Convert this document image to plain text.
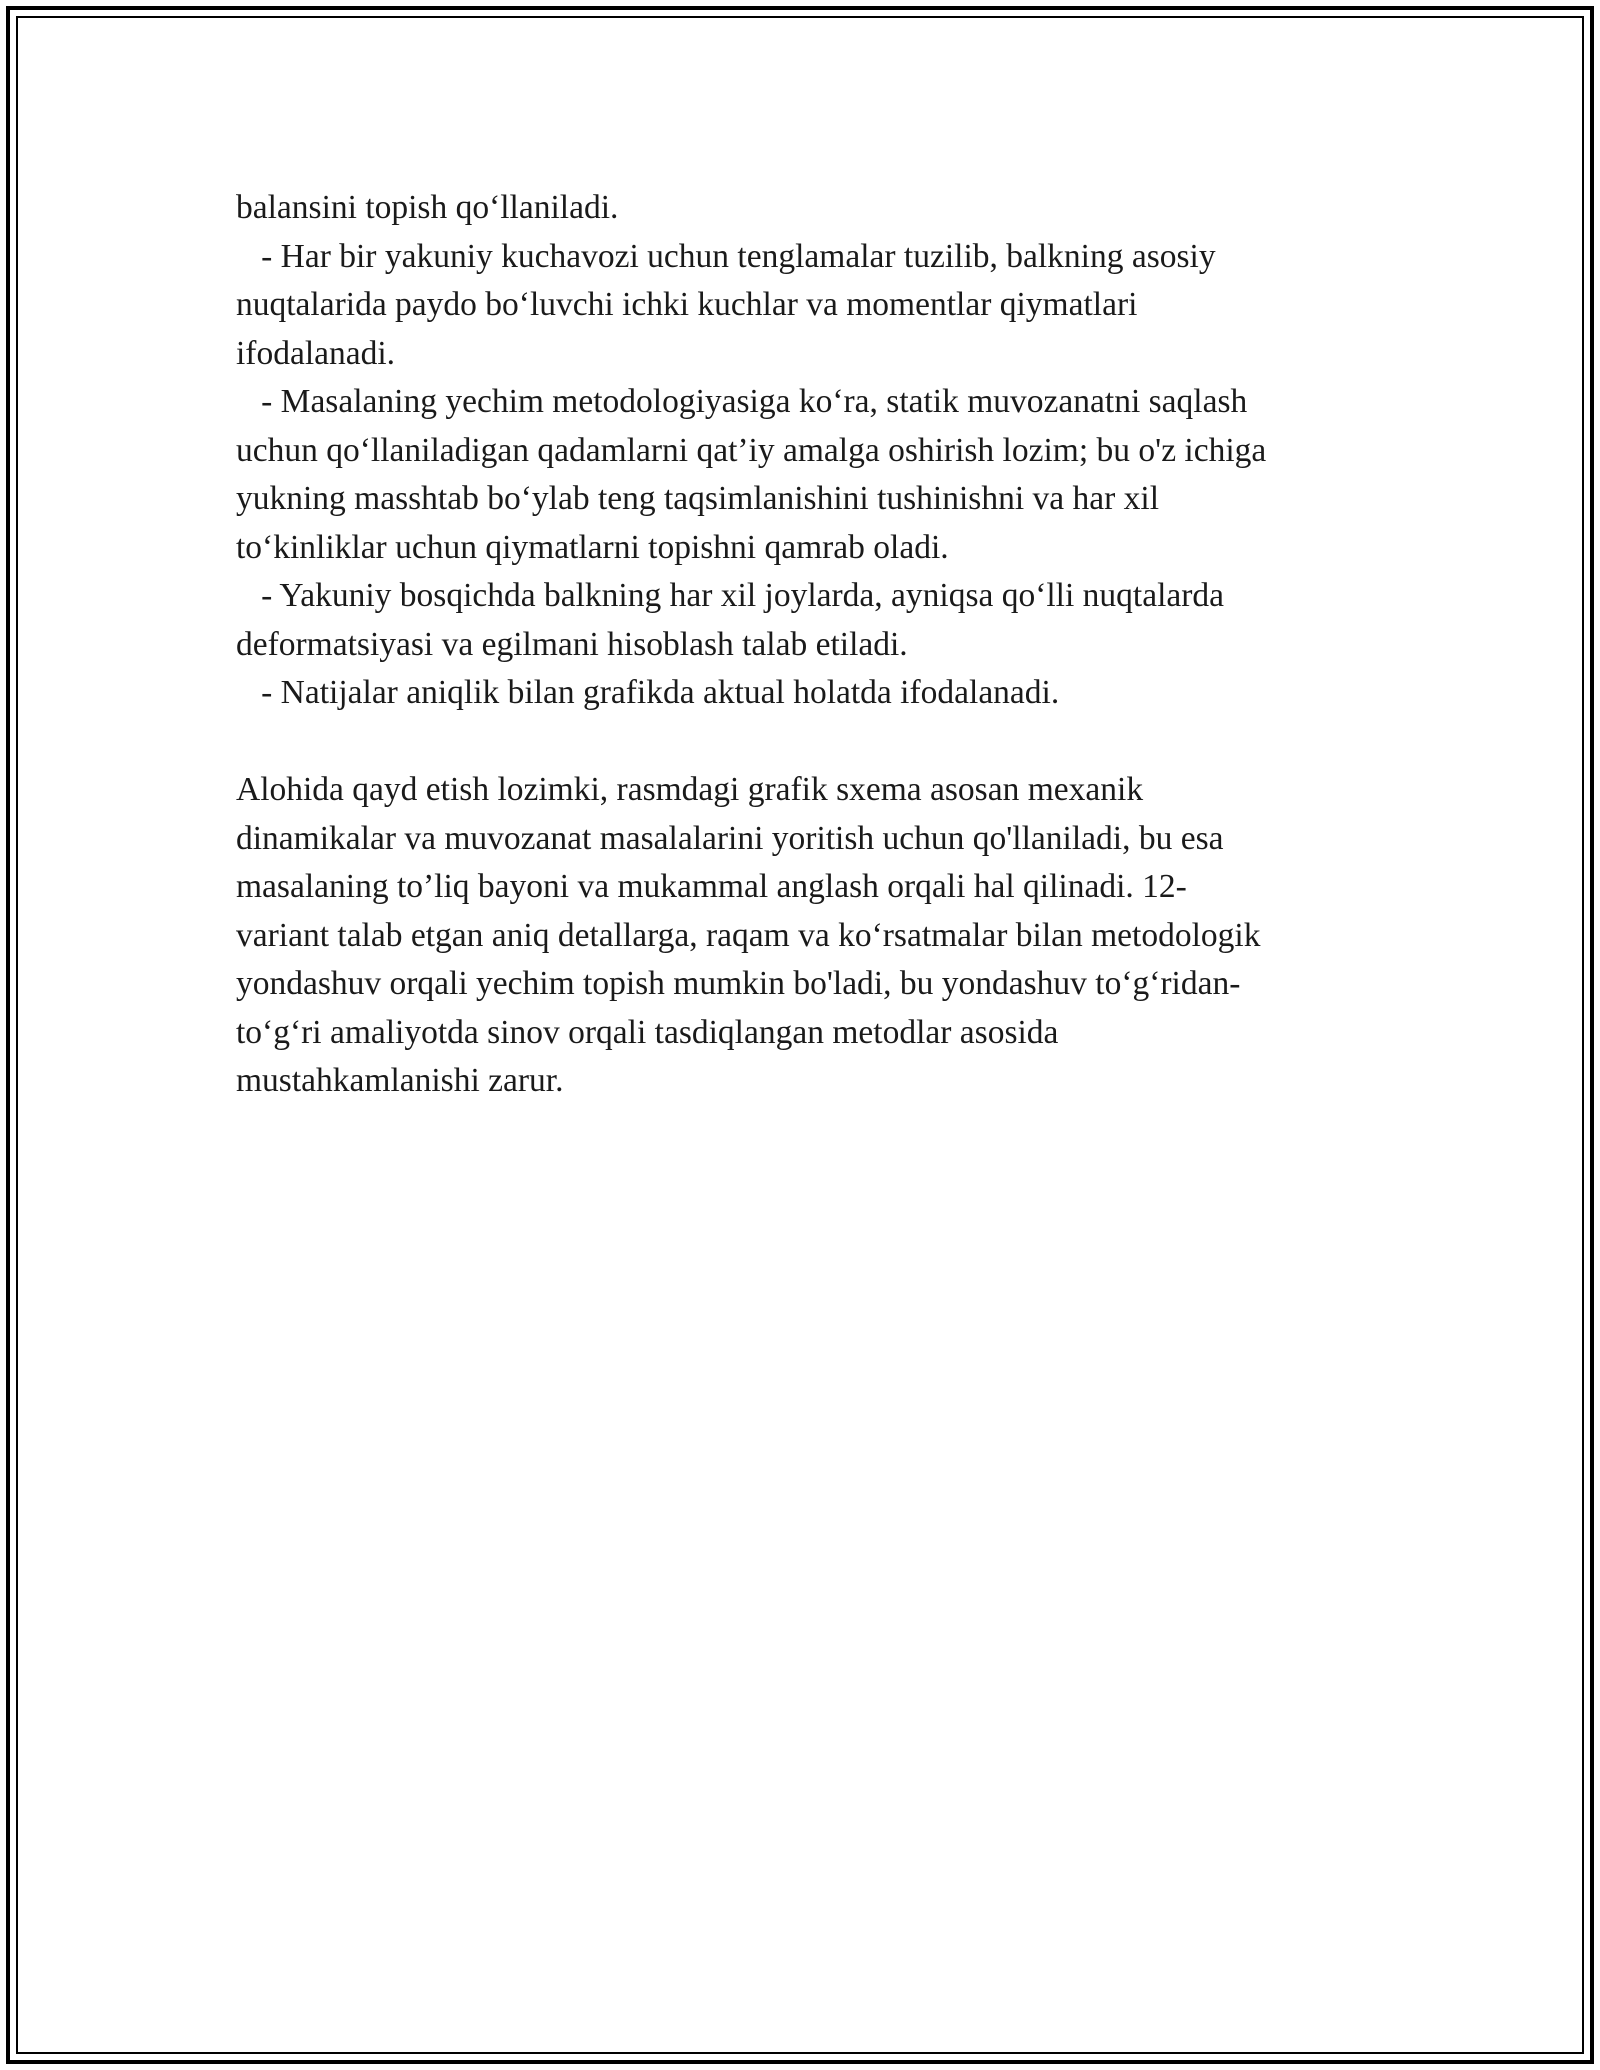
balansini topish qo‘llaniladi.
- Har bir yakuniy kuchavozi uchun tenglamalar tuzilib, balkning asosiy
nuqtalarida paydo bo‘luvchi ichki kuchlar va momentlar qiymatlari
ifodalanadi.
- Masalaning yechim metodologiyasiga ko‘ra, statik muvozanatni saqlash
uchun qo‘llaniladigan qadamlarni qat’iy amalga oshirish lozim; bu o'z ichiga
yukning masshtab bo‘ylab teng taqsimlanishini tushinishni va har xil
to‘kinliklar uchun qiymatlarni topishni qamrab oladi.
- Yakuniy bosqichda balkning har xil joylarda, ayniqsa qo‘lli nuqtalarda
deformatsiyasi va egilmani hisoblash talab etiladi.
- Natijalar aniqlik bilan grafikda aktual holatda ifodalanadi.
Alohida qayd etish lozimki, rasmdagi grafik sxema asosan mexanik
dinamikalar va muvozanat masalalarini yoritish uchun qo'llaniladi, bu esa
masalaning to’liq bayoni va mukammal anglash orqali hal qilinadi. 12-
variant talab etgan aniq detallarga, raqam va ko‘rsatmalar bilan metodologik
yondashuv orqali yechim topish mumkin bo'ladi, bu yondashuv to‘g‘ridan-
to‘g‘ri amaliyotda sinov orqali tasdiqlangan metodlar asosida
mustahkamlanishi zarur.
